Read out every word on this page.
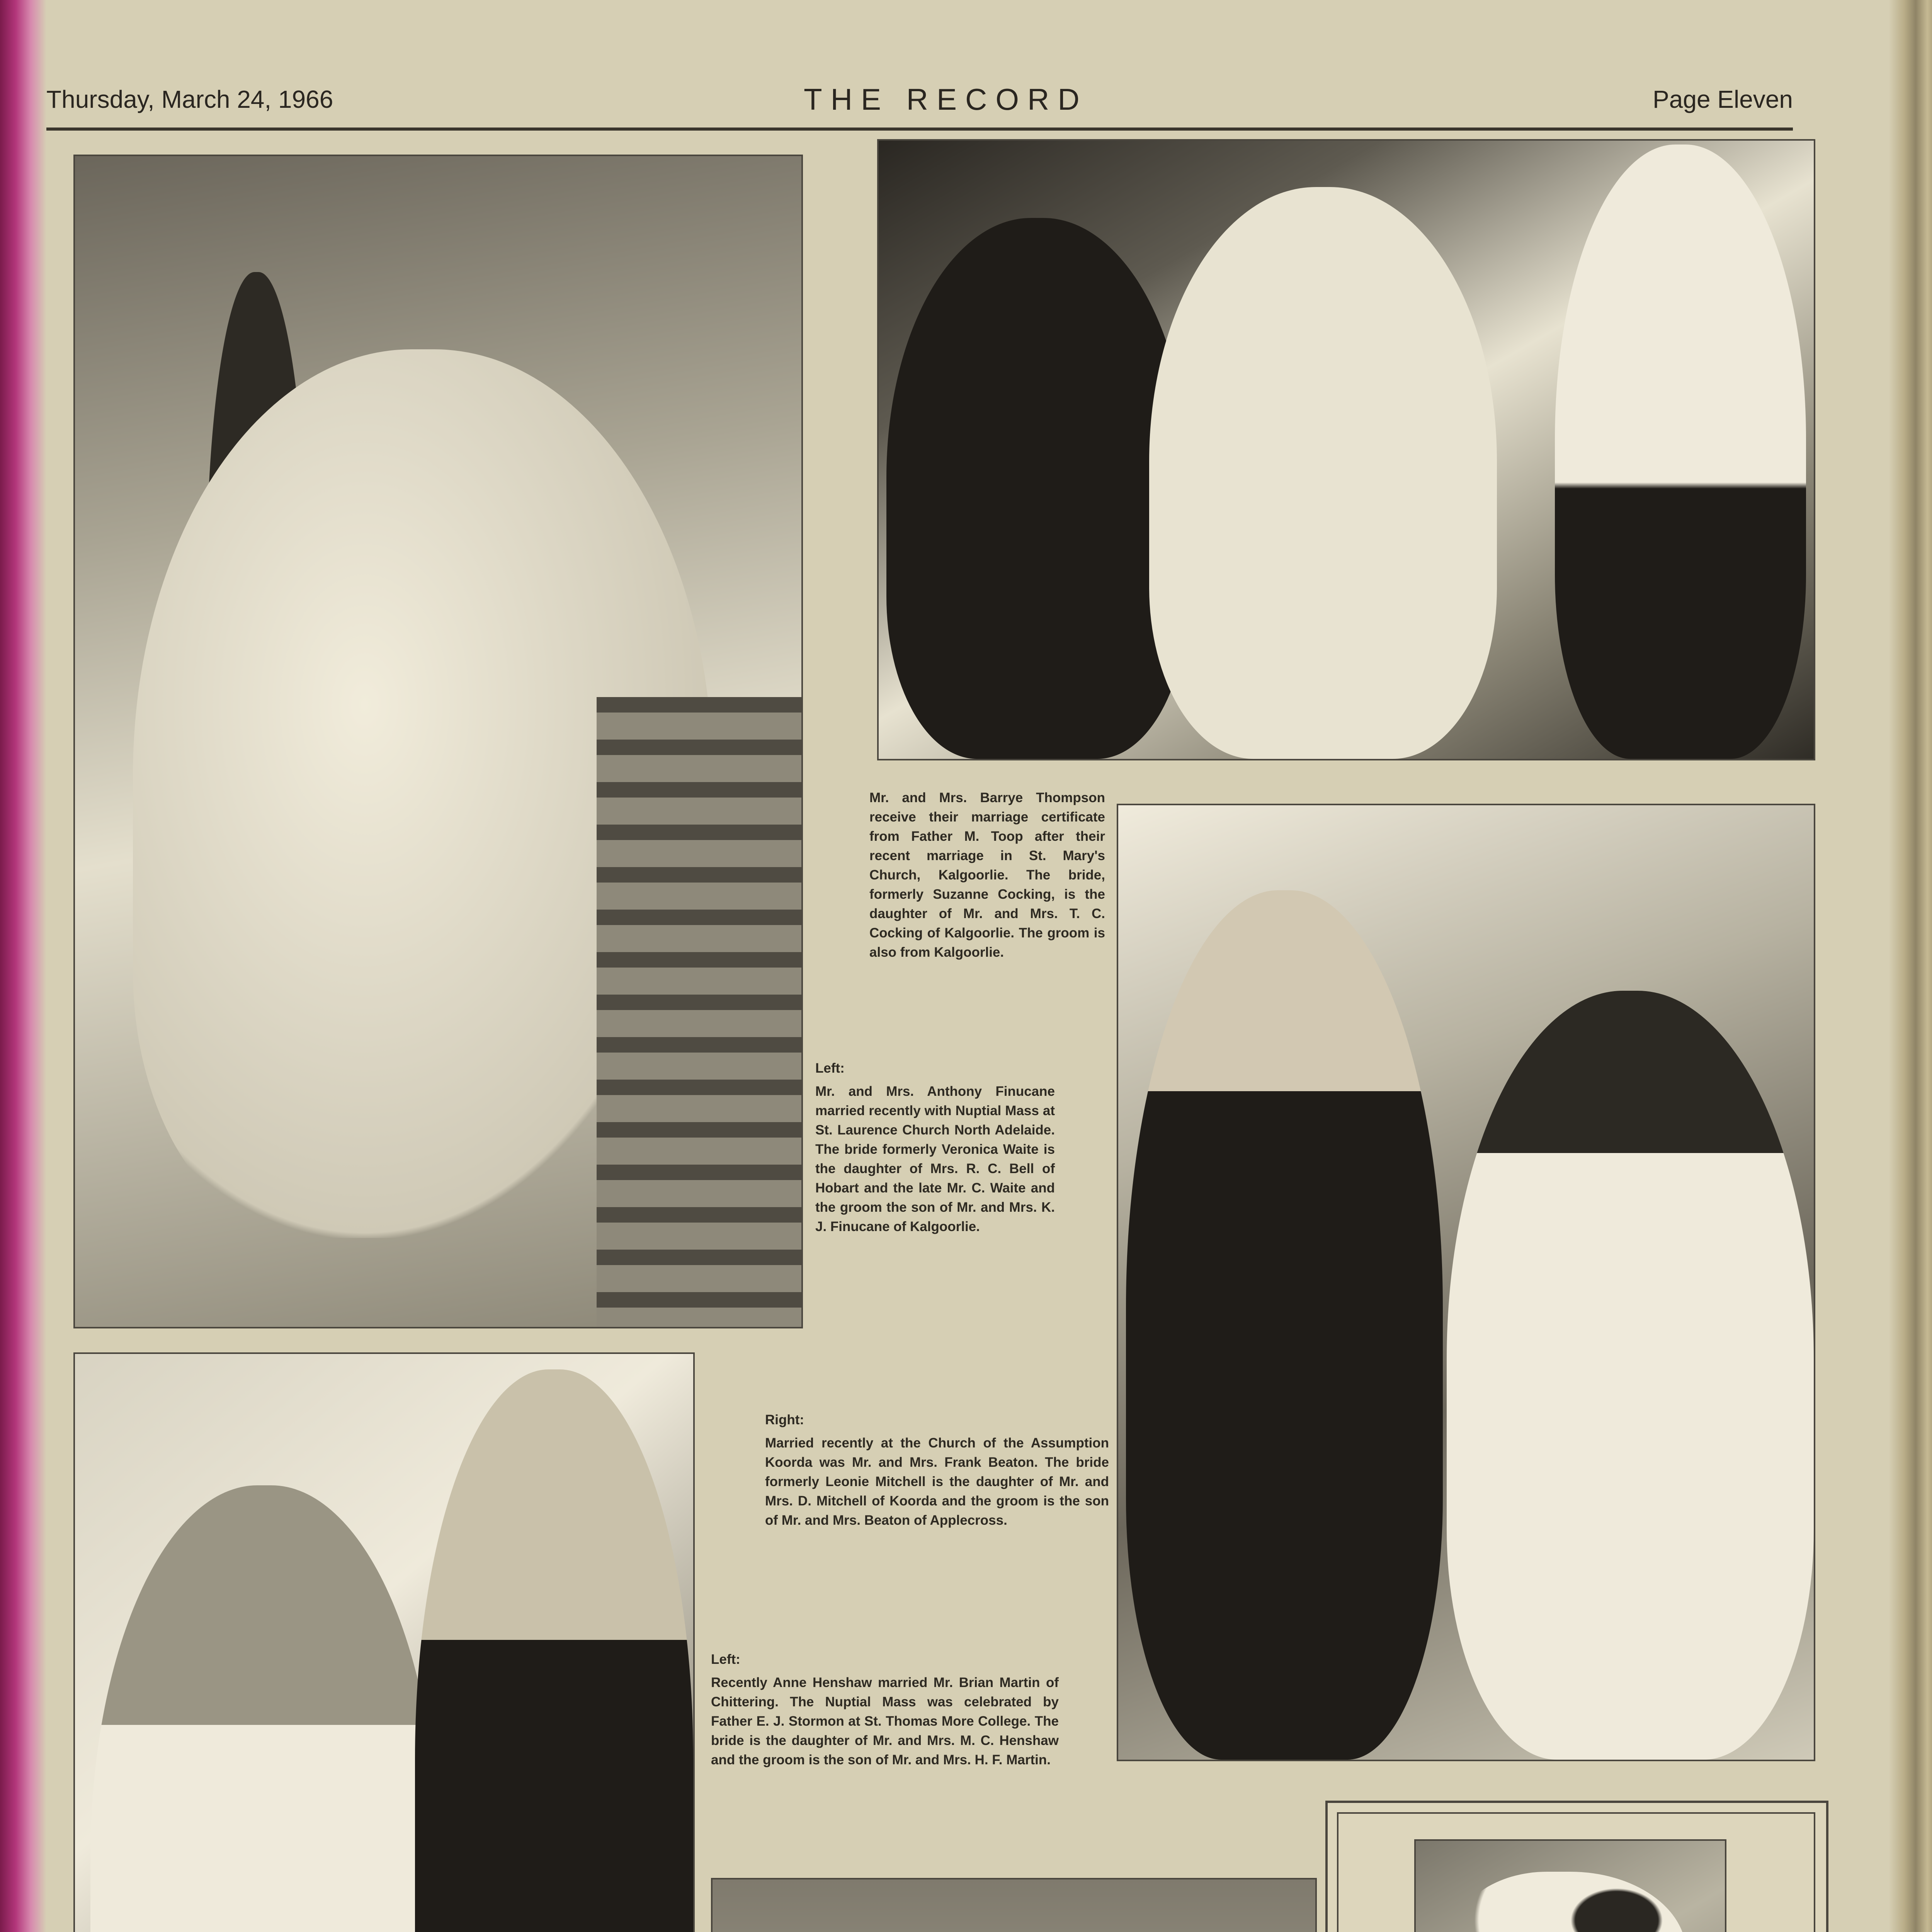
Thursday, March 24, 1966	THE RECORD	Page Eleven
Mr. and Mrs. Barrye Thompson receive their marriage certificate from Father M. Toop after their recent marriage in St. Mary's Church, Kalgoorlie. The bride, formerly Suzanne Cocking, is the daughter of Mr. and Mrs. T. C. Cocking of Kalgoorlie. The groom is also from Kalgoorlie.
Left:
Mr. and Mrs. Anthony Finucane married recently with Nuptial Mass at St. Laurence Church North Adelaide. The bride formerly Veronica Waite is the daughter of Mrs. R. C. Bell of Hobart and the late Mr. C. Waite and the groom the son of Mr. and Mrs. K. J. Finucane of Kalgoorlie.
Right:
Married recently at the Church of the Assumption Koorda was Mr. and Mrs. Frank Beaton. The bride formerly Leonie Mitchell is the daughter of Mr. and Mrs. D. Mitchell of Koorda and the groom is the son of Mr. and Mrs. Beaton of Applecross.
Left:
Recently Anne Henshaw married Mr. Brian Martin of Chittering. The Nuptial Mass was celebrated by Father E. J. Stormon at St. Thomas More College. The bride is the daughter of Mr. and Mrs. M. C. Henshaw and the groom is the son of Mr. and Mrs. H. F. Martin.
